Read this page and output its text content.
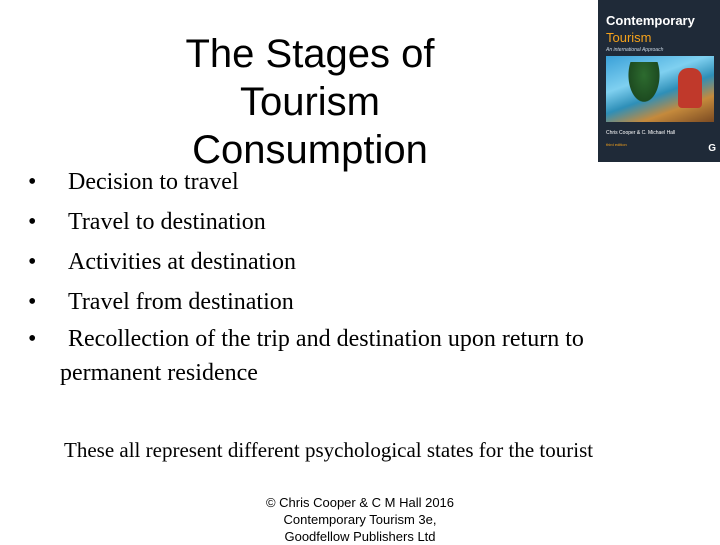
The Stages of Tourism
Consumption
Contemporary
Tourism
An international Approach
Chris Cooper & C. Michael Hall
third edition	G
•	Decision to travel
•	Travel to destination
•	Activities at destination
•	Travel from destination
•	Recollection of the trip and destination upon return to
permanent residence
These all represent different psychological states for the tourist
© Chris Cooper & C M Hall 2016
Contemporary Tourism 3e,
Goodfellow Publishers Ltd
